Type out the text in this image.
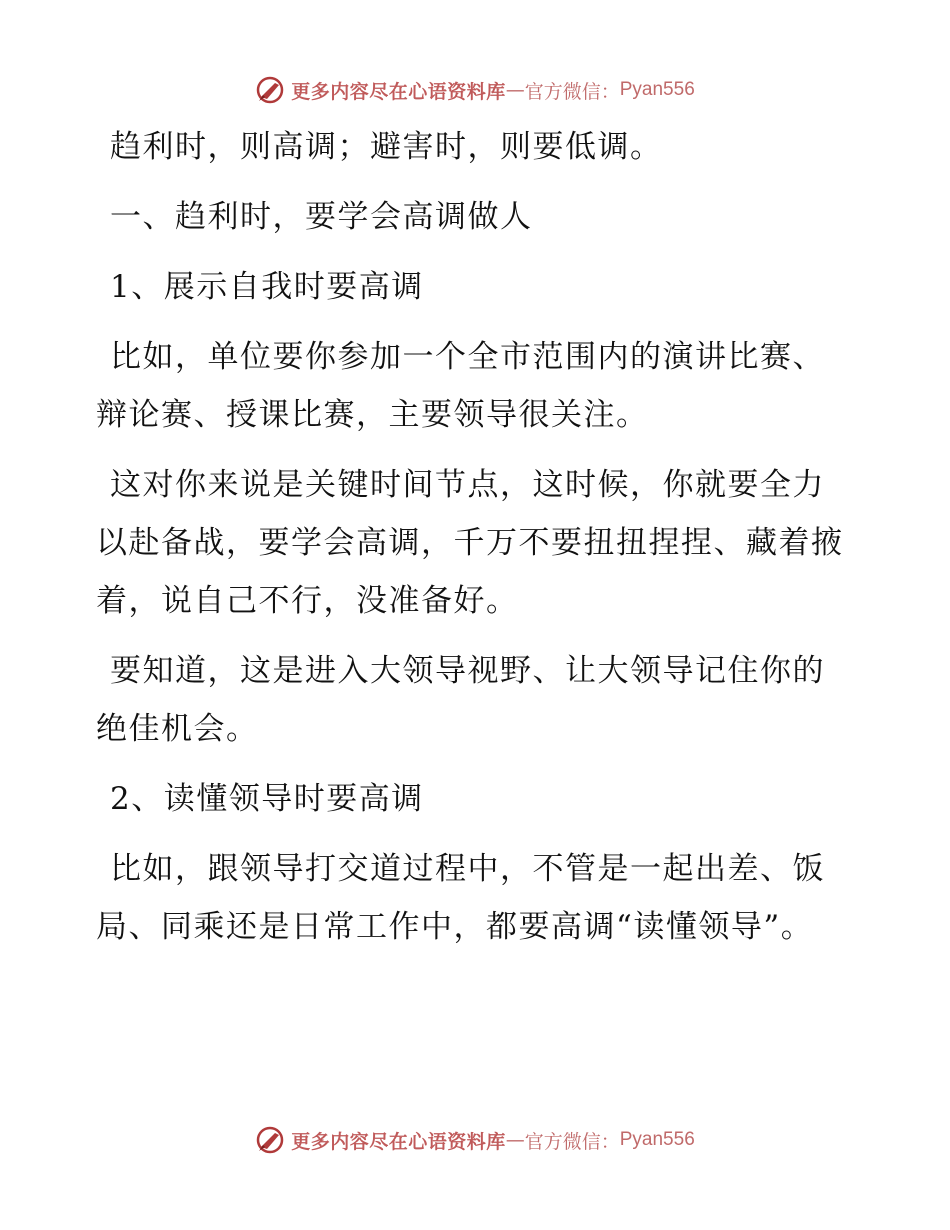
更多内容尽在心语资料库 — 官方微信： Pyan556

趋利时，则高调；避害时，则要低调。

一、趋利时，要学会高调做人

1、展示自我时要高调

比如，单位要你参加一个全市范围内的演讲比赛、辩论赛、授课比赛，主要领导很关注。

这对你来说是关键时间节点，这时候，你就要全力以赴备战，要学会高调，千万不要扭扭捏捏、藏着掖着，说自己不行，没准备好。

要知道，这是进入大领导视野、让大领导记住你的绝佳机会。

2、读懂领导时要高调

比如，跟领导打交道过程中，不管是一起出差、饭局、同乘还是日常工作中，都要高调“读懂领导”。

更多内容尽在心语资料库 — 官方微信： Pyan556
